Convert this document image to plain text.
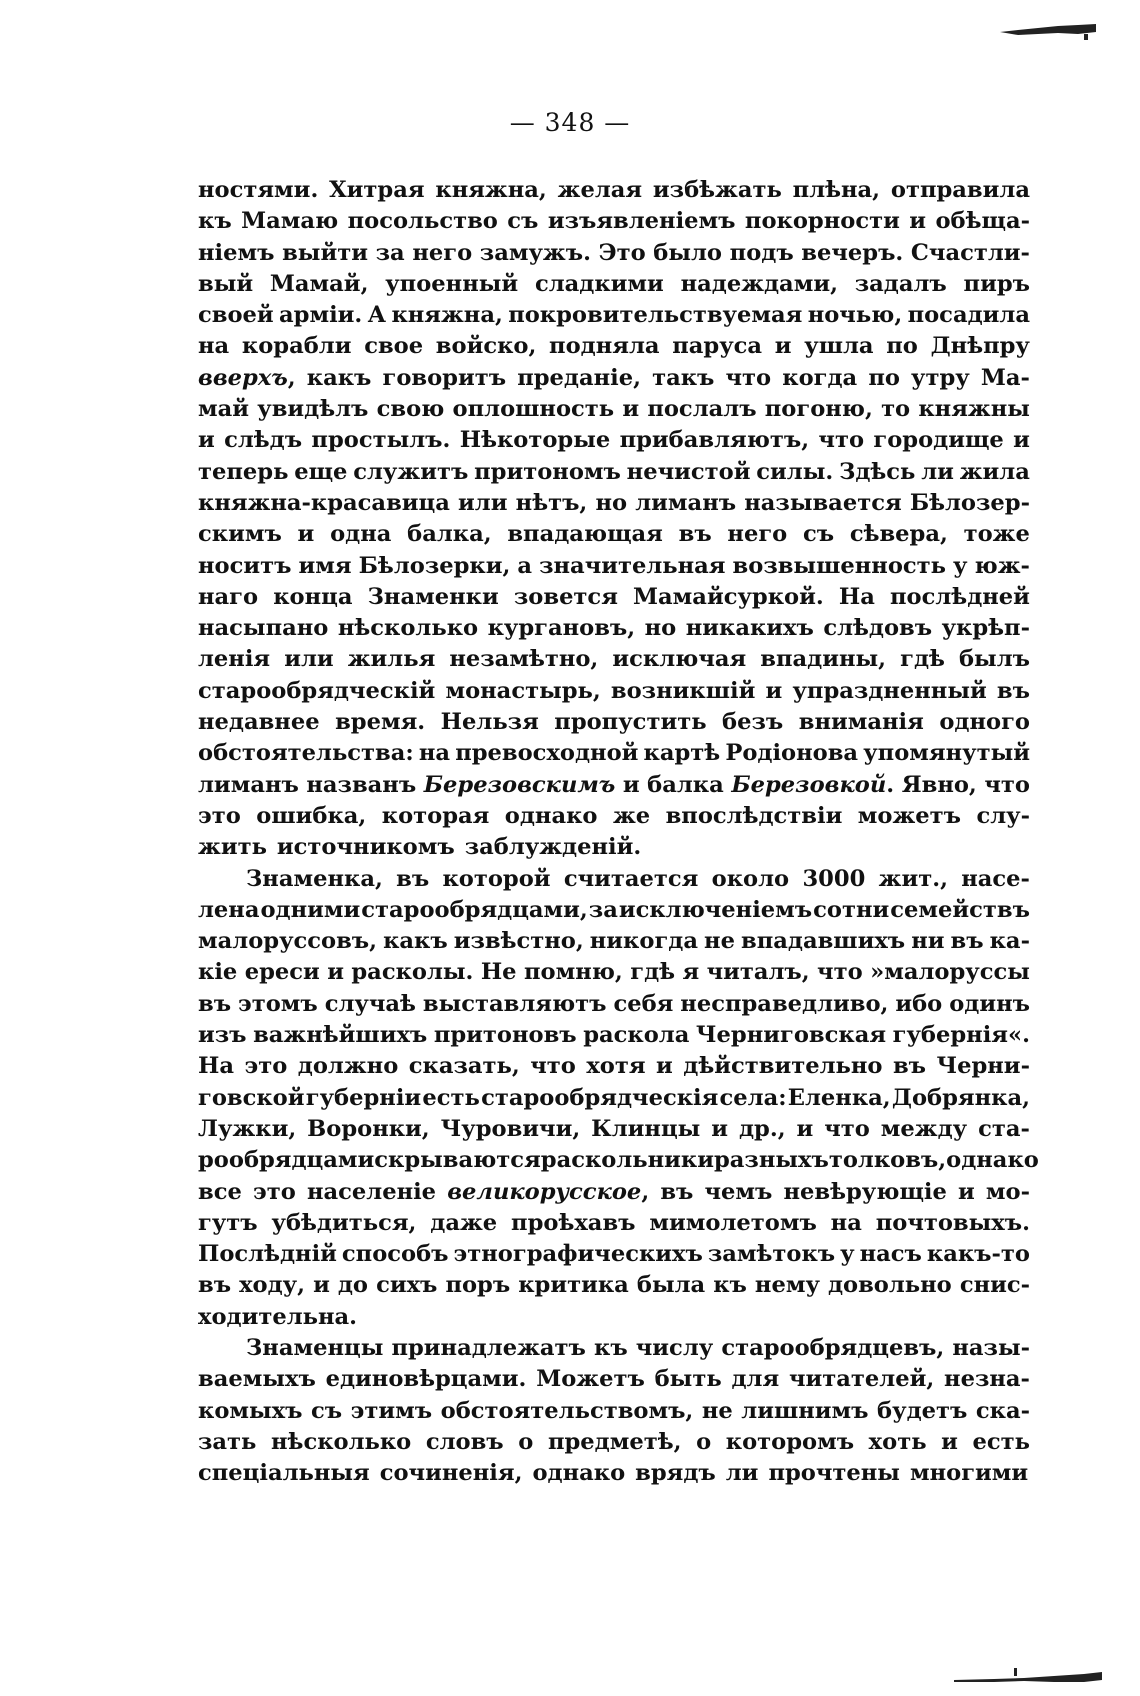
— 348 —
ностями. Хитрая княжна, желая избѣжать плѣна, отправила
къ Мамаю посольство съ изъявленіемъ покорности и обѣща-
ніемъ выйти за него замужъ. Это было подъ вечеръ. Счастли-
вый Мамай, упоенный сладкими надеждами, задалъ пиръ
своей арміи. А княжна, покровительствуемая ночью, посадила
на корабли свое войско, подняла паруса и ушла по Днѣпру
вверхъ, какъ говоритъ преданіе, такъ что когда по утру Ма-
май увидѣлъ свою оплошность и послалъ погоню, то княжны
и слѣдъ простылъ. Нѣкоторые прибавляютъ, что городище и
теперь еще служитъ притономъ нечистой силы. Здѣсь ли жила
княжна-красавица или нѣтъ, но лиманъ называется Бѣлозер-
скимъ и одна балка, впадающая въ него съ сѣвера, тоже
носитъ имя Бѣлозерки, а значительная возвышенность у юж-
наго конца Знаменки зовется Мамайсуркой. На послѣдней
насыпано нѣсколько кургановъ, но никакихъ слѣдовъ укрѣп-
ленія или жилья незамѣтно, исключая впадины, гдѣ былъ
старообрядческій монастырь, возникшій и упраздненный въ
недавнее время. Нельзя пропустить безъ вниманія одного
обстоятельства: на превосходной картѣ Родіонова упомянутый
лиманъ названъ Березовскимъ и балка Березовкой. Явно, что
это ошибка, которая однако же впослѣдствіи можетъ слу-
жить источникомъ заблужденій.
Знаменка, въ которой считается около 3000 жит., насе-
лена одними старообрядцами, за исключеніемъ сотни семействъ
малоруссовъ, какъ извѣстно, никогда не впадавшихъ ни въ ка-
кіе ереси и расколы. Не помню, гдѣ я читалъ, что »малоруссы
въ этомъ случаѣ выставляютъ себя несправедливо, ибо одинъ
изъ важнѣйшихъ притоновъ раскола Черниговская губернія«.
На это должно сказать, что хотя и дѣйствительно въ Черни-
говской губерніи есть старообрядческія села: Еленка, Добрянка,
Лужки, Воронки, Чуровичи, Клинцы и др., и что между ста-
рообрядцами скрываются раскольники разныхъ толковъ, однако
все это населеніе великорусское, въ чемъ невѣрующіе и мо-
гутъ убѣдиться, даже проѣхавъ мимолетомъ на почтовыхъ.
Послѣдній способъ этнографическихъ замѣтокъ у насъ какъ-то
въ ходу, и до сихъ поръ критика была къ нему довольно снис-
ходительна.
Знаменцы принадлежатъ къ числу старообрядцевъ, назы-
ваемыхъ единовѣрцами. Можетъ быть для читателей, незна-
комыхъ съ этимъ обстоятельствомъ, не лишнимъ будетъ ска-
зать нѣсколько словъ о предметѣ, о которомъ хоть и есть
спеціальныя сочиненія, однако врядъ ли прочтены многими
